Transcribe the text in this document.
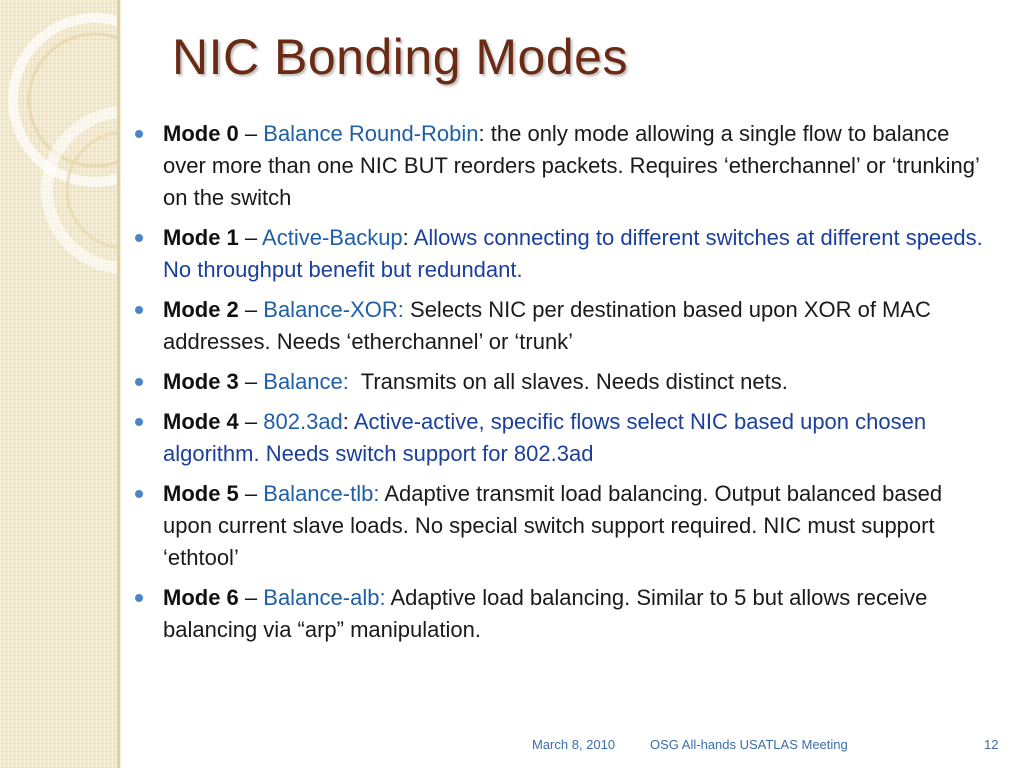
NIC Bonding Modes
Mode 0 – Balance Round-Robin: the only mode allowing a single flow to balance over more than one NIC BUT reorders packets. Requires ‘etherchannel’ or ‘trunking’ on the switch
Mode 1 – Active-Backup: Allows connecting to different switches at different speeds. No throughput benefit but redundant.
Mode 2 – Balance-XOR: Selects NIC per destination based upon XOR of MAC addresses. Needs ‘etherchannel’ or ‘trunk’
Mode 3 – Balance: Transmits on all slaves. Needs distinct nets.
Mode 4 – 802.3ad: Active-active, specific flows select NIC based upon chosen algorithm. Needs switch support for 802.3ad
Mode 5 – Balance-tlb: Adaptive transmit load balancing. Output balanced based upon current slave loads. No special switch support required. NIC must support ‘ethtool’
Mode 6 – Balance-alb: Adaptive load balancing. Similar to 5 but allows receive balancing via “arp” manipulation.
March 8, 2010	OSG All-hands USATLAS Meeting	12
